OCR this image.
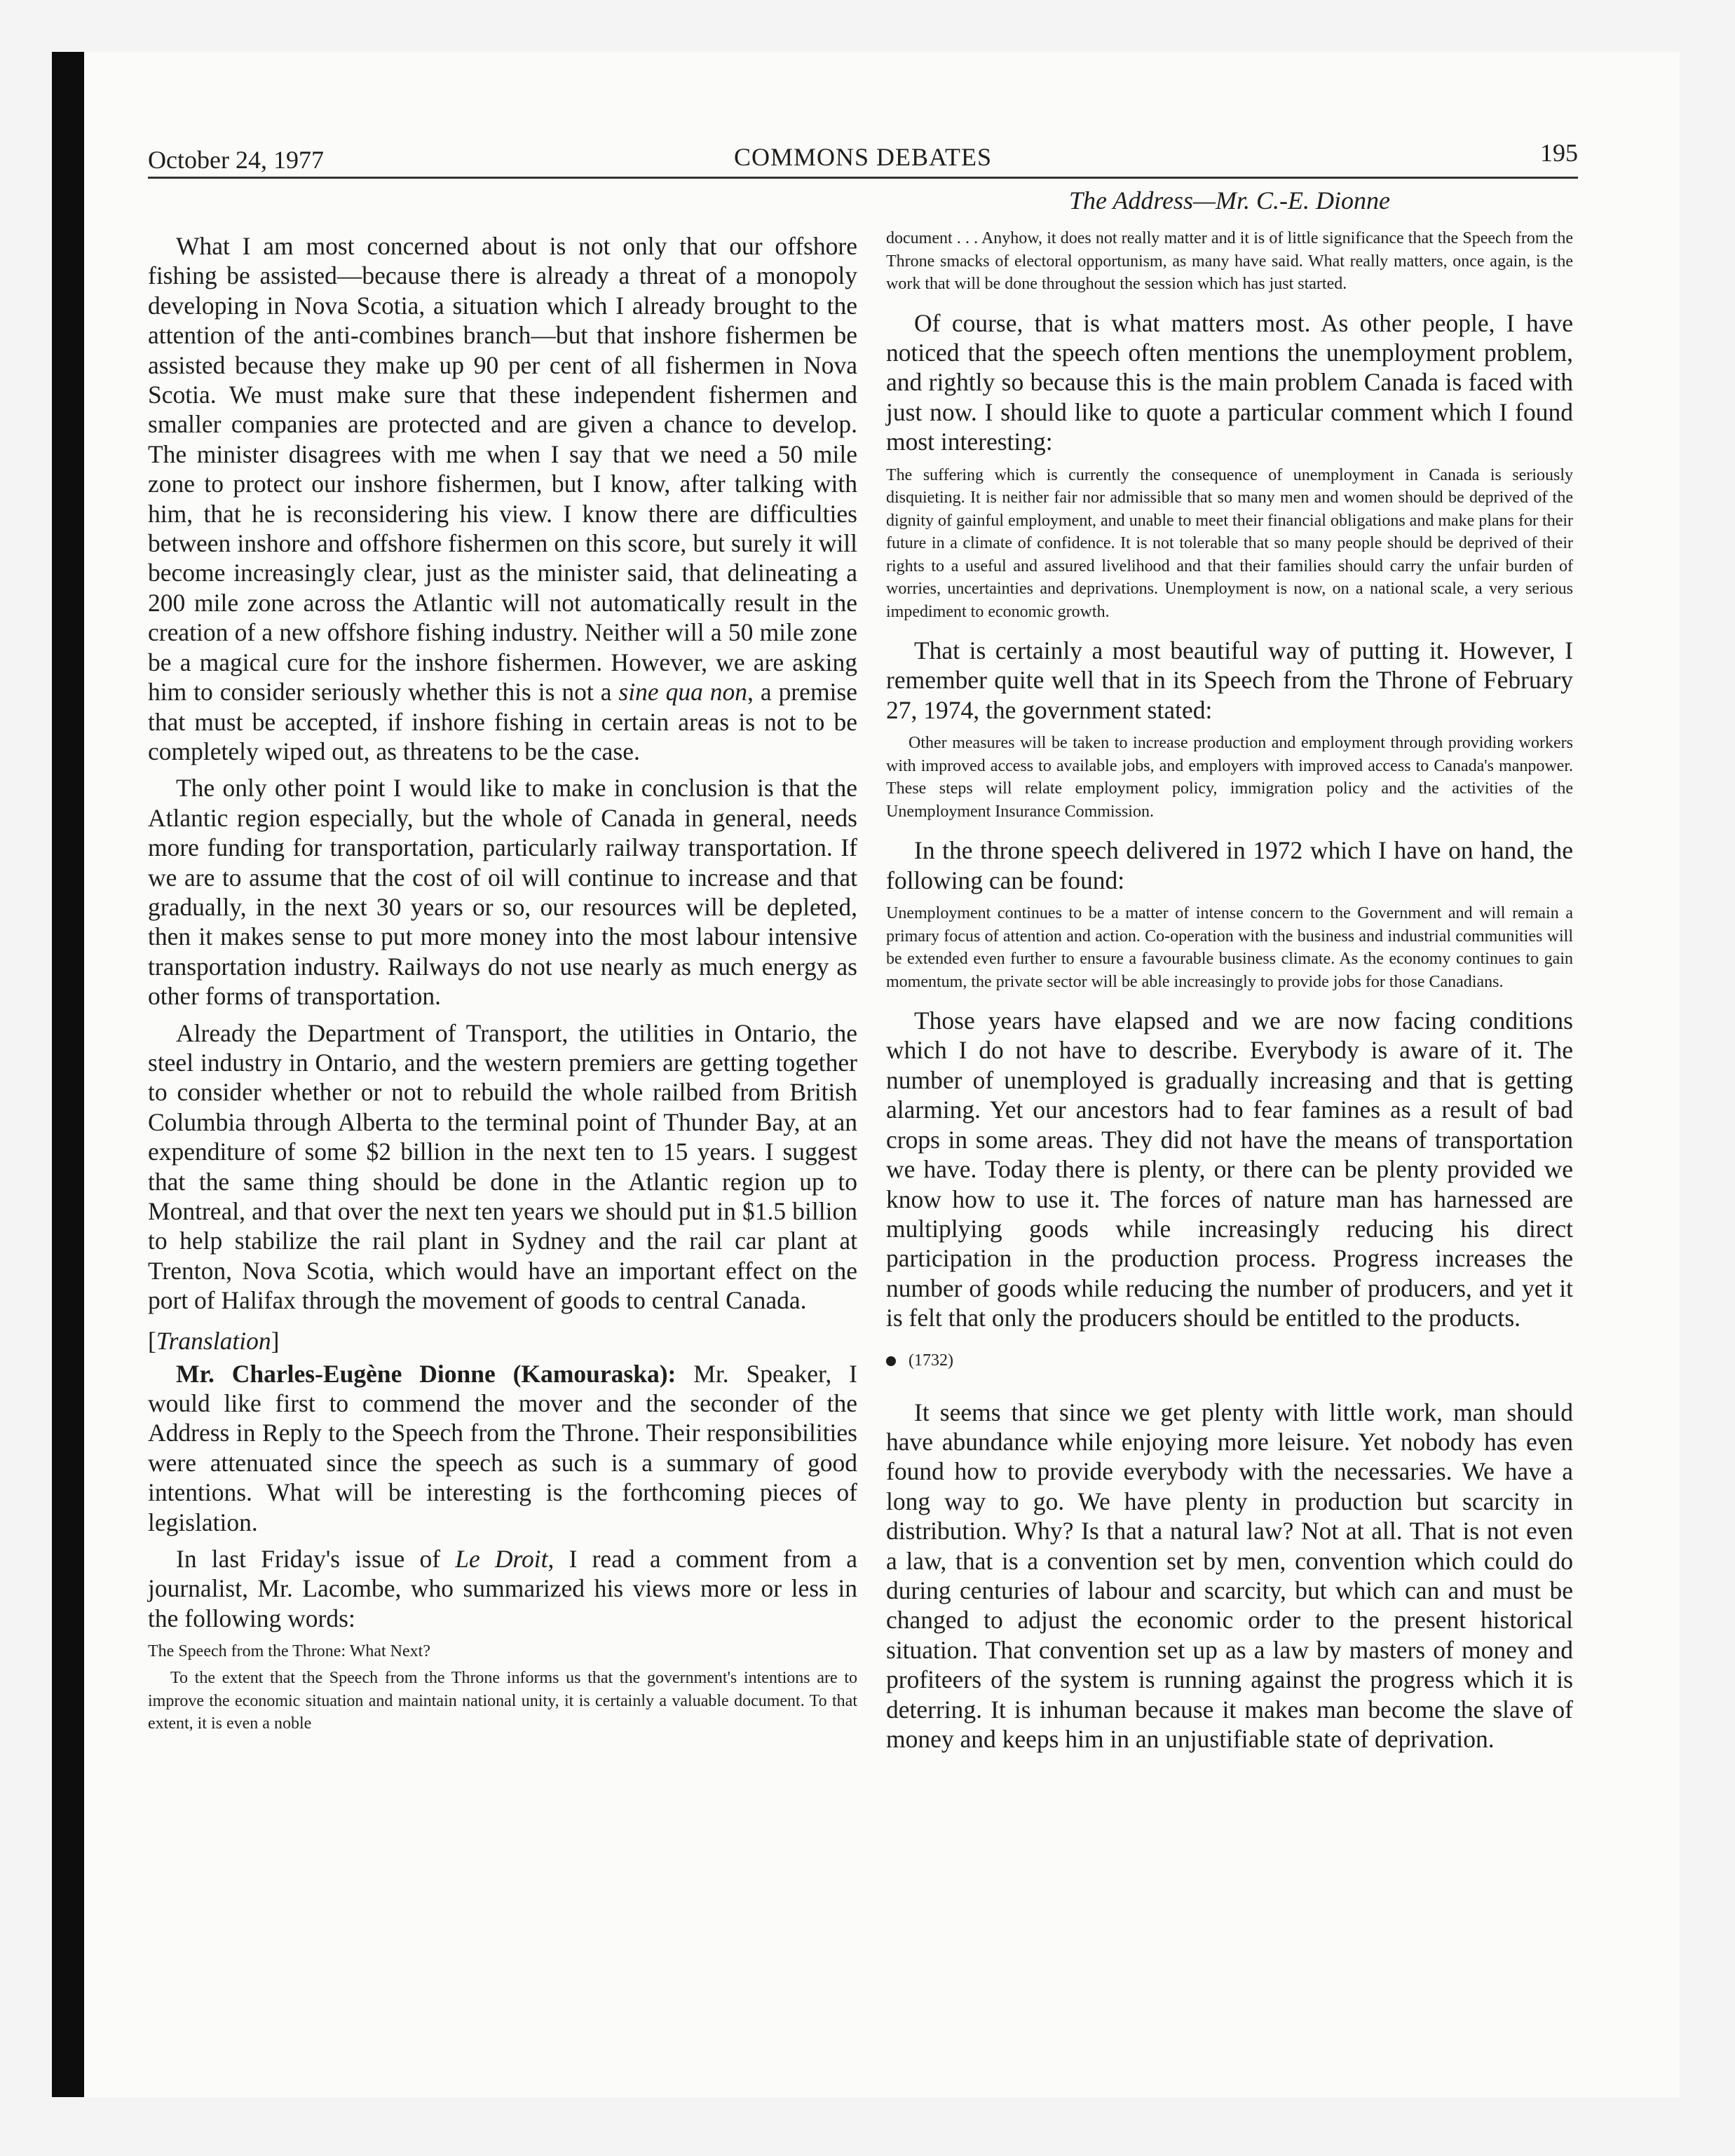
October 24, 1977	COMMONS DEBATES	195

What I am most concerned about is not only that our offshore fishing be assisted—because there is already a threat of a monopoly developing in Nova Scotia, a situation which I already brought to the attention of the anti-combines branch—but that inshore fishermen be assisted because they make up 90 per cent of all fishermen in Nova Scotia. We must make sure that these independent fishermen and smaller companies are protected and are given a chance to develop. The minister disagrees with me when I say that we need a 50 mile zone to protect our inshore fishermen, but I know, after talking with him, that he is reconsidering his view. I know there are difficulties between inshore and offshore fishermen on this score, but surely it will become increasingly clear, just as the minister said, that delineating a 200 mile zone across the Atlantic will not automatically result in the creation of a new offshore fishing industry. Neither will a 50 mile zone be a magical cure for the inshore fishermen. However, we are asking him to consider seriously whether this is not a sine qua non, a premise that must be accepted, if inshore fishing in certain areas is not to be completely wiped out, as threatens to be the case.

The only other point I would like to make in conclusion is that the Atlantic region especially, but the whole of Canada in general, needs more funding for transportation, particularly railway transportation. If we are to assume that the cost of oil will continue to increase and that gradually, in the next 30 years or so, our resources will be depleted, then it makes sense to put more money into the most labour intensive transportation industry. Railways do not use nearly as much energy as other forms of transportation.

Already the Department of Transport, the utilities in Ontario, the steel industry in Ontario, and the western premiers are getting together to consider whether or not to rebuild the whole railbed from British Columbia through Alberta to the terminal point of Thunder Bay, at an expenditure of some $2 billion in the next ten to 15 years. I suggest that the same thing should be done in the Atlantic region up to Montreal, and that over the next ten years we should put in $1.5 billion to help stabilize the rail plant in Sydney and the rail car plant at Trenton, Nova Scotia, which would have an important effect on the port of Halifax through the movement of goods to central Canada.

[Translation]

Mr. Charles-Eugène Dionne (Kamouraska): Mr. Speaker, I would like first to commend the mover and the seconder of the Address in Reply to the Speech from the Throne. Their responsibilities were attenuated since the speech as such is a summary of good intentions. What will be interesting is the forthcoming pieces of legislation.

In last Friday's issue of Le Droit, I read a comment from a journalist, Mr. Lacombe, who summarized his views more or less in the following words:

The Speech from the Throne: What Next?

To the extent that the Speech from the Throne informs us that the government's intentions are to improve the economic situation and maintain national unity, it is certainly a valuable document. To that extent, it is even a noble

The Address—Mr. C.-E. Dionne

document . . . Anyhow, it does not really matter and it is of little significance that the Speech from the Throne smacks of electoral opportunism, as many have said. What really matters, once again, is the work that will be done throughout the session which has just started.

Of course, that is what matters most. As other people, I have noticed that the speech often mentions the unemployment problem, and rightly so because this is the main problem Canada is faced with just now. I should like to quote a particular comment which I found most interesting:

The suffering which is currently the consequence of unemployment in Canada is seriously disquieting. It is neither fair nor admissible that so many men and women should be deprived of the dignity of gainful employment, and unable to meet their financial obligations and make plans for their future in a climate of confidence. It is not tolerable that so many people should be deprived of their rights to a useful and assured livelihood and that their families should carry the unfair burden of worries, uncertainties and deprivations. Unemployment is now, on a national scale, a very serious impediment to economic growth.

That is certainly a most beautiful way of putting it. However, I remember quite well that in its Speech from the Throne of February 27, 1974, the government stated:

Other measures will be taken to increase production and employment through providing workers with improved access to available jobs, and employers with improved access to Canada's manpower. These steps will relate employment policy, immigration policy and the activities of the Unemployment Insurance Commission.

In the throne speech delivered in 1972 which I have on hand, the following can be found:

Unemployment continues to be a matter of intense concern to the Government and will remain a primary focus of attention and action. Co-operation with the business and industrial communities will be extended even further to ensure a favourable business climate. As the economy continues to gain momentum, the private sector will be able increasingly to provide jobs for those Canadians.

Those years have elapsed and we are now facing conditions which I do not have to describe. Everybody is aware of it. The number of unemployed is gradually increasing and that is getting alarming. Yet our ancestors had to fear famines as a result of bad crops in some areas. They did not have the means of transportation we have. Today there is plenty, or there can be plenty provided we know how to use it. The forces of nature man has harnessed are multiplying goods while increasingly reducing his direct participation in the production process. Progress increases the number of goods while reducing the number of producers, and yet it is felt that only the producers should be entitled to the products.

(1732)

It seems that since we get plenty with little work, man should have abundance while enjoying more leisure. Yet nobody has even found how to provide everybody with the necessaries. We have a long way to go. We have plenty in production but scarcity in distribution. Why? Is that a natural law? Not at all. That is not even a law, that is a convention set by men, convention which could do during centuries of labour and scarcity, but which can and must be changed to adjust the economic order to the present historical situation. That convention set up as a law by masters of money and profiteers of the system is running against the progress which it is deterring. It is inhuman because it makes man become the slave of money and keeps him in an unjustifiable state of deprivation.
